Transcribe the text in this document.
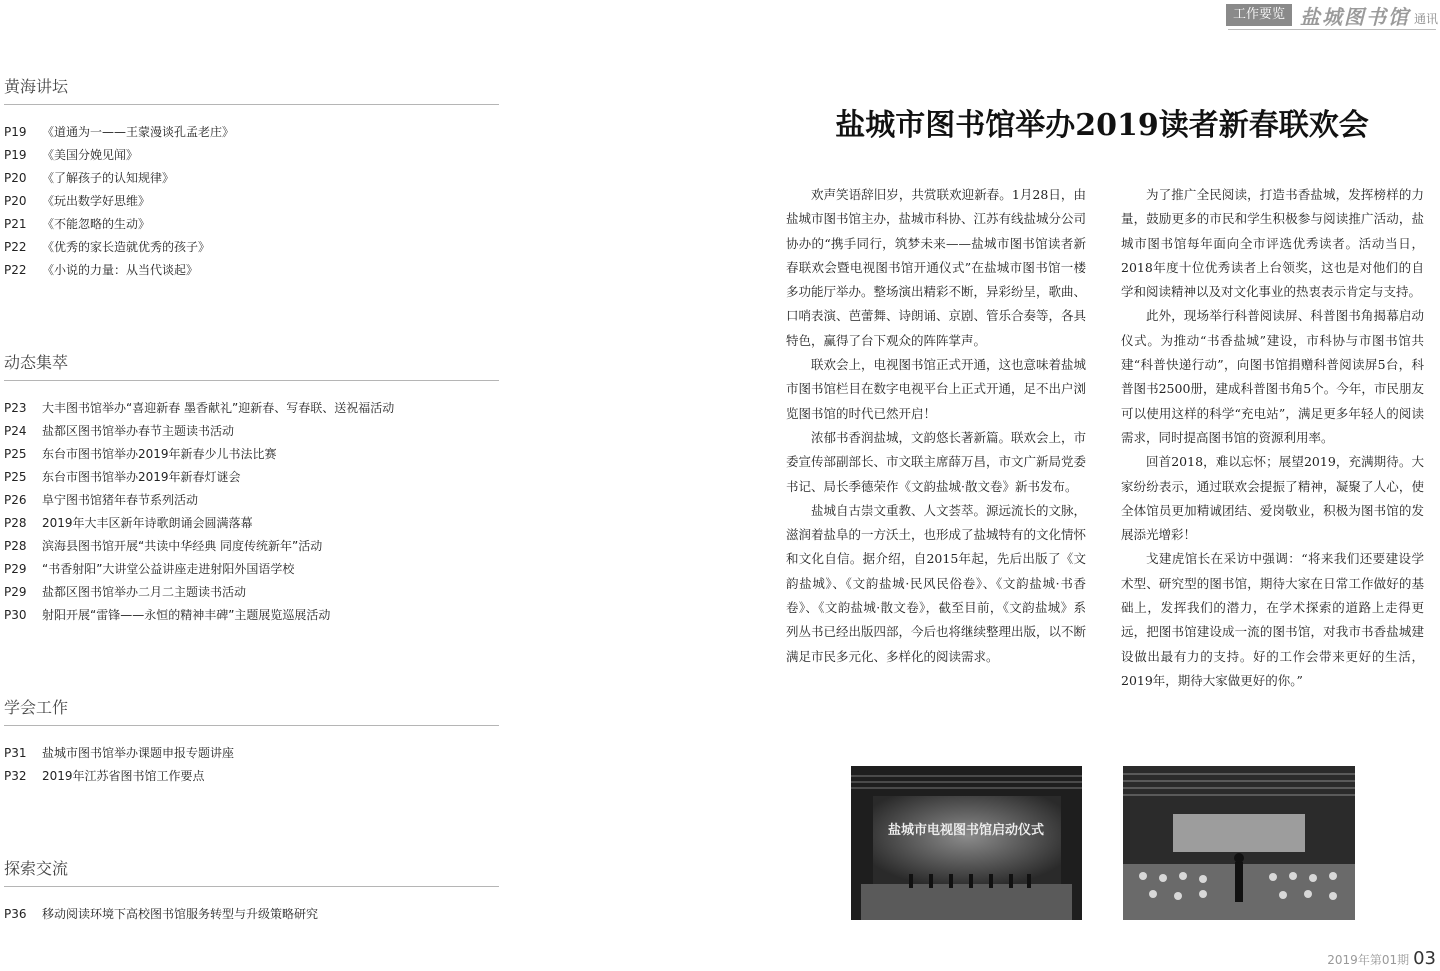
工作要览 盐城图书馆 通讯
黄海讲坛
P19 《道通为一——王蒙漫谈孔孟老庄》
P19 《美国分娩见闻》
P20 《了解孩子的认知规律》
P20 《玩出数学好思维》
P21 《不能忽略的生动》
P22 《优秀的家长造就优秀的孩子》
P22 《小说的力量：从当代谈起》
动态集萃
P23 大丰图书馆举办“喜迎新春 墨香献礼”迎新春、写春联、送祝福活动
P24 盐都区图书馆举办春节主题读书活动
P25 东台市图书馆举办2019年新春少儿书法比赛
P25 东台市图书馆举办2019年新春灯谜会
P26 阜宁图书馆猪年春节系列活动
P28 2019年大丰区新年诗歌朗诵会圆满落幕
P28 滨海县图书馆开展“共读中华经典 同度传统新年”活动
P29 “书香射阳”大讲堂公益讲座走进射阳外国语学校
P29 盐都区图书馆举办二月二主题读书活动
P30 射阳开展“雷锋——永恒的精神丰碑”主题展览巡展活动
学会工作
P31 盐城市图书馆举办课题申报专题讲座
P32 2019年江苏省图书馆工作要点
探索交流
P36 移动阅读环境下高校图书馆服务转型与升级策略研究
盐城市图书馆举办2019读者新春联欢会

欢声笑语辞旧岁，共赏联欢迎新春。1月28日，由盐城市图书馆主办，盐城市科协、江苏有线盐城分公司协办的“携手同行，筑梦未来——盐城市图书馆读者新春联欢会暨电视图书馆开通仪式”在盐城市图书馆一楼多功能厅举办。整场演出精彩不断，异彩纷呈，歌曲、口哨表演、芭蕾舞、诗朗诵、京剧、管乐合奏等，各具特色，赢得了台下观众的阵阵掌声。

联欢会上，电视图书馆正式开通，这也意味着盐城市图书馆栏目在数字电视平台上正式开通，足不出户浏览图书馆的时代已然开启！

浓郁书香润盐城，文韵悠长著新篇。联欢会上，市委宣传部副部长、市文联主席薛万昌，市文广新局党委书记、局长季德荣作《文韵盐城·散文卷》新书发布。

盐城自古崇文重教、人文荟萃。源远流长的文脉，滋润着盐阜的一方沃土，也形成了盐城特有的文化情怀和文化自信。据介绍，自2015年起，先后出版了《文韵盐城》、《文韵盐城·民风民俗卷》、《文韵盐城·书香卷》、《文韵盐城·散文卷》，截至目前，《文韵盐城》系列丛书已经出版四部，今后也将继续整理出版，以不断满足市民多元化、多样化的阅读需求。

为了推广全民阅读，打造书香盐城，发挥榜样的力量，鼓励更多的市民和学生积极参与阅读推广活动，盐城市图书馆每年面向全市评选优秀读者。活动当日，2018年度十位优秀读者上台领奖，这也是对他们的自学和阅读精神以及对文化事业的热衷表示肯定与支持。

此外，现场举行科普阅读屏、科普图书角揭幕启动仪式。为推动“书香盐城”建设，市科协与市图书馆共建“科普快递行动”，向图书馆捐赠科普阅读屏5台，科普图书2500册，建成科普图书角5个。今年，市民朋友可以使用这样的科学“充电站”，满足更多年轻人的阅读需求，同时提高图书馆的资源利用率。

回首2018，难以忘怀；展望2019，充满期待。大家纷纷表示，通过联欢会提振了精神，凝聚了人心，使全体馆员更加精诚团结、爱岗敬业，积极为图书馆的发展添光增彩！

戈建虎馆长在采访中强调：“将来我们还要建设学术型、研究型的图书馆，期待大家在日常工作做好的基础上，发挥我们的潜力，在学术探索的道路上走得更远，把图书馆建设成一流的图书馆，对我市书香盐城建设做出最有力的支持。好的工作会带来更好的生活，2019年，期待大家做更好的你。”

盐城市电视图书馆启动仪式
2019年第01期 03
